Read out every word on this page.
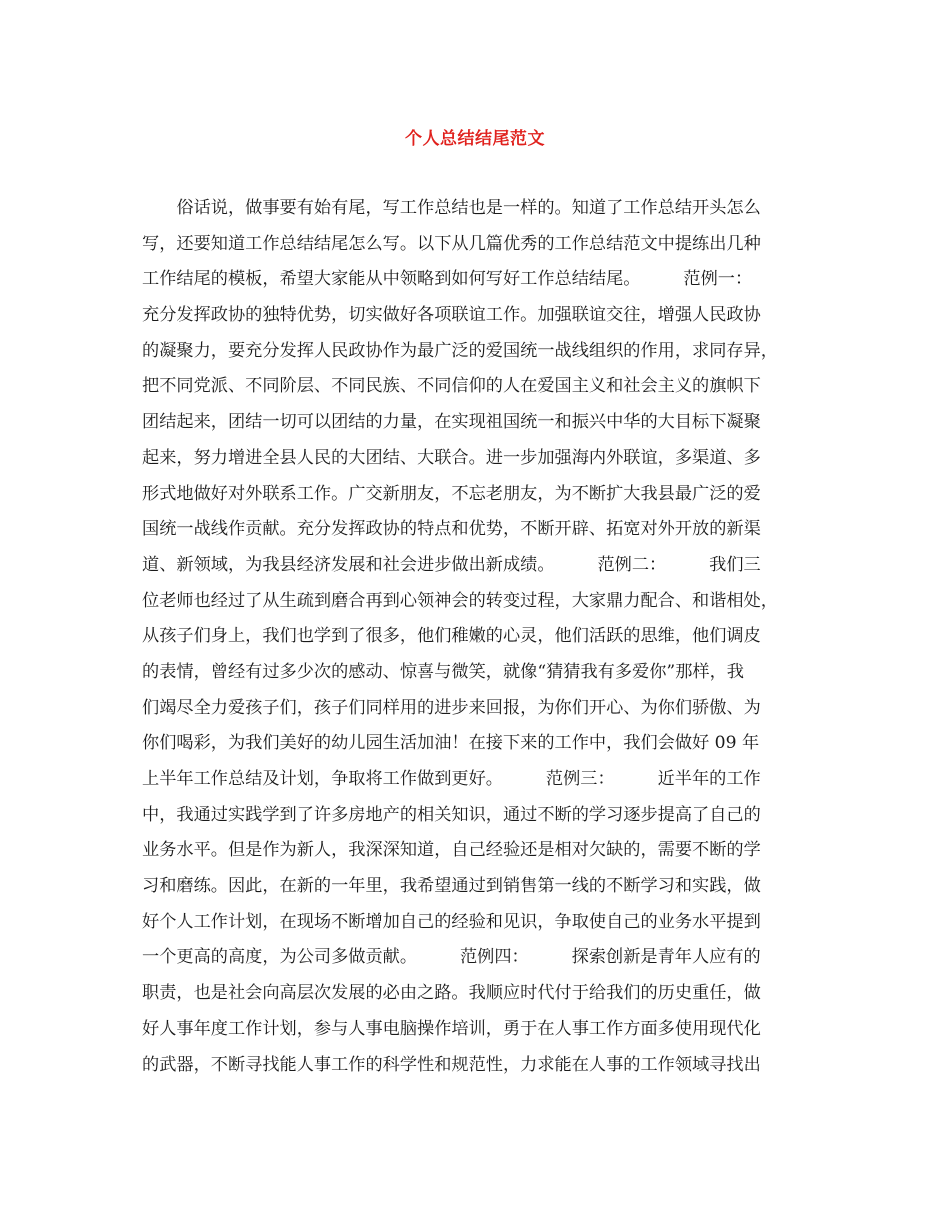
个人总结结尾范文
　　俗话说，做事要有始有尾，写工作总结也是一样的。知道了工作总结开头怎么
写，还要知道工作总结结尾怎么写。以下从几篇优秀的工作总结范文中提练出几种
工作结尾的模板，希望大家能从中领略到如何写好工作总结结尾。　　　范例一：
充分发挥政协的独特优势，切实做好各项联谊工作。加强联谊交往，增强人民政协
的凝聚力，要充分发挥人民政协作为最广泛的爱国统一战线组织的作用，求同存异，
把不同党派、不同阶层、不同民族、不同信仰的人在爱国主义和社会主义的旗帜下
团结起来，团结一切可以团结的力量，在实现祖国统一和振兴中华的大目标下凝聚
起来，努力增进全县人民的大团结、大联合。进一步加强海内外联谊，多渠道、多
形式地做好对外联系工作。广交新朋友，不忘老朋友，为不断扩大我县最广泛的爱
国统一战线作贡献。充分发挥政协的特点和优势，不断开辟、拓宽对外开放的新渠
道、新领域，为我县经济发展和社会进步做出新成绩。　　　范例二：　　　我们三
位老师也经过了从生疏到磨合再到心领神会的转变过程，大家鼎力配合、和谐相处，
从孩子们身上，我们也学到了很多，他们稚嫩的心灵，他们活跃的思维，他们调皮
的表情，曾经有过多少次的感动、惊喜与微笑，就像“猜猜我有多爱你”那样，我
们竭尽全力爱孩子们，孩子们同样用的进步来回报，为你们开心、为你们骄傲、为
你们喝彩，为我们美好的幼儿园生活加油！在接下来的工作中，我们会做好 09 年
上半年工作总结及计划，争取将工作做到更好。　　　范例三：　　　近半年的工作
中，我通过实践学到了许多房地产的相关知识，通过不断的学习逐步提高了自己的
业务水平。但是作为新人，我深深知道，自己经验还是相对欠缺的，需要不断的学
习和磨练。因此，在新的一年里，我希望通过到销售第一线的不断学习和实践，做
好个人工作计划，在现场不断增加自己的经验和见识，争取使自己的业务水平提到
一个更高的高度，为公司多做贡献。　　　范例四：　　　探索创新是青年人应有的
职责，也是社会向高层次发展的必由之路。我顺应时代付于给我们的历史重任，做
好人事年度工作计划，参与人事电脑操作培训，勇于在人事工作方面多使用现代化
的武器，不断寻找能人事工作的科学性和规范性，力求能在人事的工作领域寻找出
